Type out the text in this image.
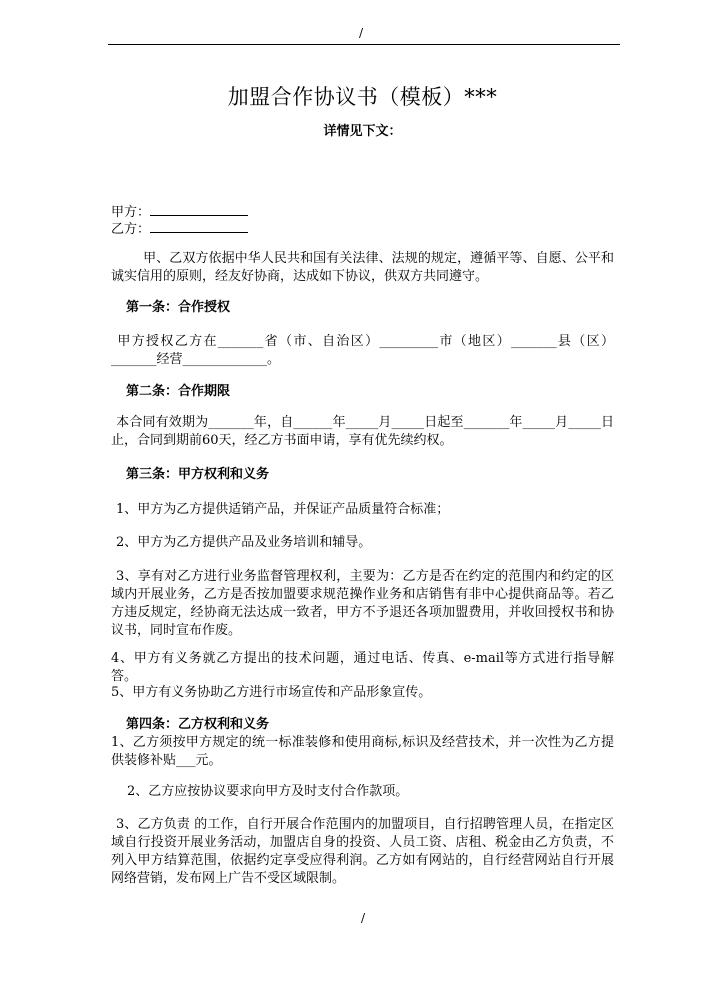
/
加盟合作协议书（模板）***
详情见下文：
甲方：
乙方：
甲、乙双方依据中华人民共和国有关法律、法规的规定，遵循平等、自愿、公平和诚实信用的原则，经友好协商，达成如下协议，供双方共同遵守。
第一条：合作授权
甲方授权乙方在_______省（市、自治区）_________市（地区）_______县（区）_______经营_____________。
第二条：合作期限
本合同有效期为_______年，自______年_____月_____日起至_______年_____月_____日止，合同到期前60天，经乙方书面申请，享有优先续约权。
第三条：甲方权利和义务
1、甲方为乙方提供适销产品，并保证产品质量符合标准；
2、甲方为乙方提供产品及业务培训和辅导。
3、享有对乙方进行业务监督管理权利，主要为：乙方是否在约定的范围内和约定的区域内开展业务，乙方是否按加盟要求规范操作业务和店销售有非中心提供商品等。若乙方违反规定，经协商无法达成一致者，甲方不予退还各项加盟费用，并收回授权书和协议书，同时宣布作废。
4、甲方有义务就乙方提出的技术问题，通过电话、传真、e-mail等方式进行指导解答。
5、甲方有义务协助乙方进行市场宣传和产品形象宣传。
第四条：乙方权利和义务
1、乙方须按甲方规定的统一标准装修和使用商标,标识及经营技术，并一次性为乙方提供装修补贴___元。
2、乙方应按协议要求向甲方及时支付合作款项。
3、乙方负责 的工作，自行开展合作范围内的加盟项目，自行招聘管理人员，在指定区域自行投资开展业务活动，加盟店自身的投资、人员工资、店租、税金由乙方负责，不列入甲方结算范围，依据约定享受应得利润。乙方如有网站的，自行经营网站自行开展网络营销，发布网上广告不受区域限制。
/
